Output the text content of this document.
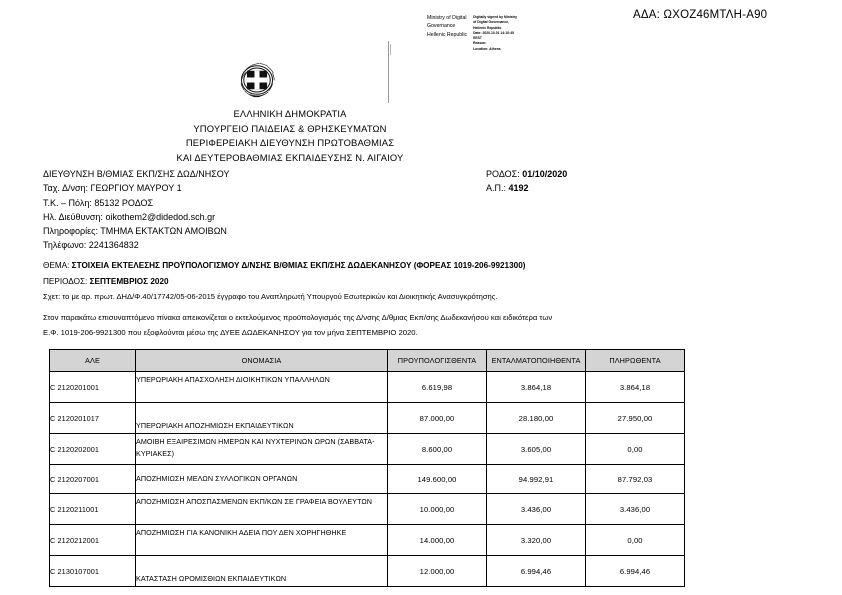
ΑΔΑ: ΩΧΟΖ46ΜΤΛΗ-Α90
Ministry of Digital
Governance
Hellenic Republic
Digitally signed by Ministry
of Digital Governance,
Hellenic Republic
Date: 2020.10.01 14:10:45
EEST
Reason:
Location: Athens
ΕΛΛΗΝΙΚΗ ΔΗΜΟΚΡΑΤΙΑ
ΥΠΟΥΡΓΕΙΟ ΠΑΙΔΕΙΑΣ & ΘΡΗΣΚΕΥΜΑΤΩΝ
ΠΕΡΙΦΕΡΕΙΑΚΗ ΔΙΕΥΘΥΝΣΗ ΠΡΩΤΟΒΑΘΜΙΑΣ
ΚΑΙ ΔΕΥΤΕΡΟΒΑΘΜΙΑΣ ΕΚΠΑΙΔΕΥΣΗΣ Ν. ΑΙΓΑΙΟΥ
ΔΙΕΥΘΥΝΣΗ Β/ΘΜΙΑΣ ΕΚΠ/ΣΗΣ ΔΩΔ/ΝΗΣΟΥ
Ταχ. Δ/νση: ΓΕΩΡΓΙΟΥ ΜΑΥΡΟΥ 1
Τ.Κ. – Πόλη: 85132 ΡΟΔΟΣ
Ηλ. Διεύθυνση: oikothem2@didedod.sch.gr
Πληροφορίες: ΤΜΗΜΑ ΕΚΤΑΚΤΩΝ ΑΜΟΙΒΩΝ
Τηλέφωνο: 2241364832
ΡΟΔΟΣ: 01/10/2020
Α.Π.: 4192
ΘΕΜΑ: ΣΤΟΙΧΕΙΑ ΕΚΤΕΛΕΣΗΣ ΠΡΟΫΠΟΛΟΓΙΣΜΟΥ Δ/ΝΣΗΣ Β/ΘΜΙΑΣ ΕΚΠ/ΣΗΣ ΔΩΔΕΚΑΝΗΣΟΥ (ΦΟΡΕΑΣ 1019-206-9921300)
ΠΕΡΙΟΔΟΣ: ΣΕΠΤΕΜΒΡΙΟΣ 2020
Σχετ: το με αρ. πρωτ. ΔΗΔ/Φ.40/17742/05-06-2015 έγγραφο του Αναπληρωτή Υπουργού Εσωτερικών και Διοικητικής Ανασυγκρότησης.
Στον παρακάτω επισυναπτόμενο πίνακα απεικονίζεται ο εκτελούμενος προϋπολογισμός της Δ/νσης Δ/θμιας Εκπ/σης Δωδεκανήσου και ειδικότερα των
Ε.Φ. 1019-206-9921300 που εξοφλούνται μέσω της ΔΥΕΕ ΔΩΔΕΚΑΝΗΣΟΥ για τον μήνα ΣΕΠΤΕΜΒΡΙΟ 2020.
ΑΛΕ	ΟΝΟΜΑΣΙΑ	ΠΡΟΥΠΟΛΟΓΙΣΘΕΝΤΑ	ΕΝΤΑΛΜΑΤΟΠΟΙΗΘΕΝΤΑ	ΠΛΗΡΩΘΕΝΤΑ
C 2120201001	ΥΠΕΡΩΡΙΑΚΗ ΑΠΑΣΧΟΛΗΣΗ ΔΙΟΙΚΗΤΙΚΩΝ ΥΠΑΛΛΗΛΩΝ	6.619,98	3.864,18	3.864,18
C 2120201017	ΥΠΕΡΩΡΙΑΚΗ ΑΠΟΖΗΜΙΩΣΗ ΕΚΠΑΙΔΕΥΤΙΚΩΝ	87.000,00	28.180,00	27.950,00
C 2120202001	ΑΜΟΙΒΗ ΕΞΑΙΡΕΣΙΜΩΝ ΗΜΕΡΩΝ ΚΑΙ ΝΥΧΤΕΡΙΝΩΝ ΩΡΩΝ (ΣΑΒΒΑΤΑ-ΚΥΡΙΑΚΕΣ)	8.600,00	3.605,00	0,00
C 2120207001	ΑΠΟΖΗΜΙΩΣΗ ΜΕΛΩΝ ΣΥΛΛΟΓΙΚΩΝ ΟΡΓΑΝΩΝ	149.600,00	94.992,91	87.792,03
C 2120211001	ΑΠΟΖΗΜΙΩΣΗ ΑΠΟΣΠΑΣΜΕΝΩΝ ΕΚΠ/ΚΩΝ ΣΕ ΓΡΑΦΕΙΑ ΒΟΥΛΕΥΤΩΝ	10.000,00	3.436,00	3.436,00
C 2120212001	ΑΠΟΖΗΜΙΩΣΗ ΓΙΑ ΚΑΝΟΝΙΚΗ ΑΔΕΙΑ ΠΟΥ ΔΕΝ ΧΟΡΗΓΗΘΗΚΕ	14.000,00	3.320,00	0,00
C 2130107001	ΚΑΤΑΣΤΑΣΗ ΩΡΟΜΙΣΘΙΩΝ ΕΚΠΑΙΔΕΥΤΙΚΩΝ	12.000,00	6.994,46	6.994,46
